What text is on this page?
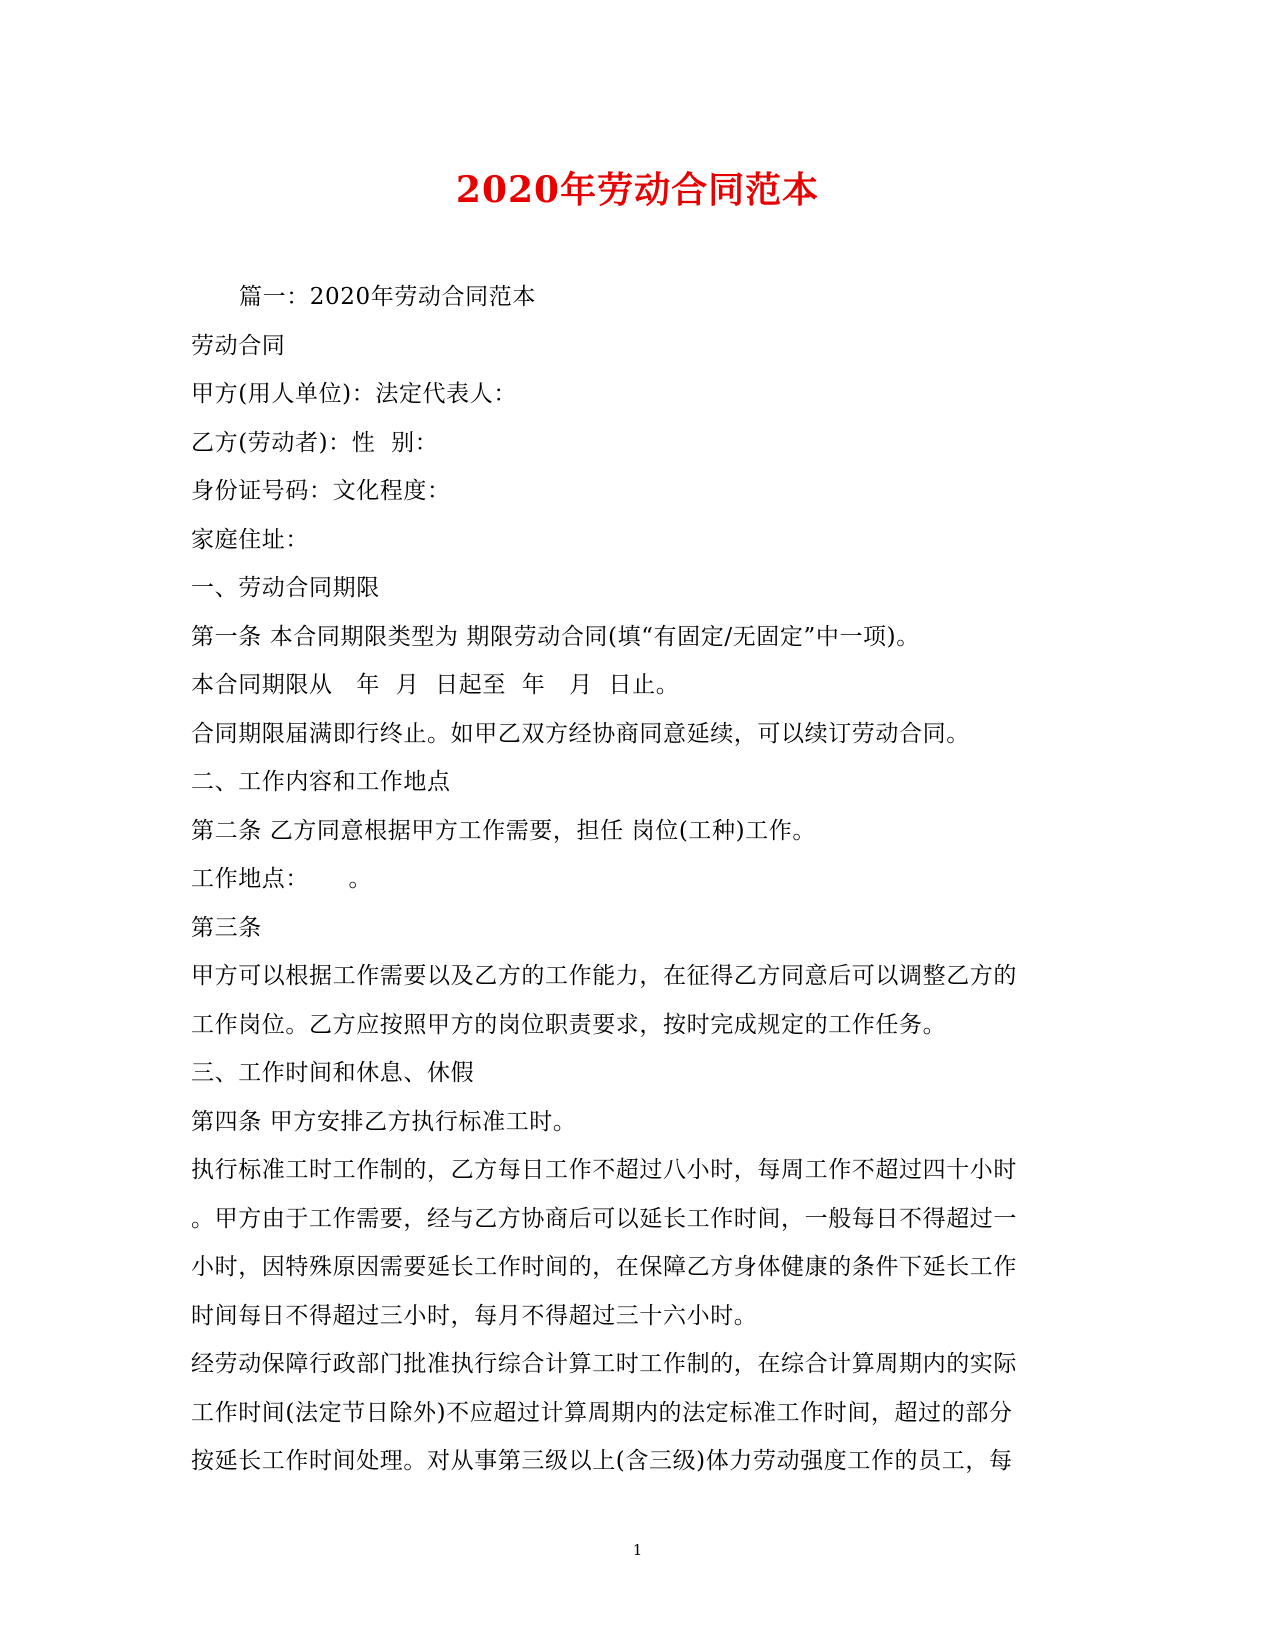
2020年劳动合同范本
篇一：2020年劳动合同范本
劳动合同
甲方(用人单位)：法定代表人：
乙方(劳动者)：性  别：
身份证号码：文化程度：
家庭住址：
一、劳动合同期限
第一条 本合同期限类型为 期限劳动合同(填“有固定/无固定”中一项)。
本合同期限从   年  月  日起至  年   月  日止。
合同期限届满即行终止。如甲乙双方经协商同意延续，可以续订劳动合同。
二、工作内容和工作地点
第二条 乙方同意根据甲方工作需要，担任 岗位(工种)工作。
工作地点：     。
第三条
甲方可以根据工作需要以及乙方的工作能力，在征得乙方同意后可以调整乙方的
工作岗位。乙方应按照甲方的岗位职责要求，按时完成规定的工作任务。
三、工作时间和休息、休假
第四条 甲方安排乙方执行标准工时。
执行标准工时工作制的，乙方每日工作不超过八小时，每周工作不超过四十小时
。甲方由于工作需要，经与乙方协商后可以延长工作时间，一般每日不得超过一
小时，因特殊原因需要延长工作时间的，在保障乙方身体健康的条件下延长工作
时间每日不得超过三小时，每月不得超过三十六小时。
经劳动保障行政部门批准执行综合计算工时工作制的，在综合计算周期内的实际
工作时间(法定节日除外)不应超过计算周期内的法定标准工作时间，超过的部分
按延长工作时间处理。对从事第三级以上(含三级)体力劳动强度工作的员工，每
1
